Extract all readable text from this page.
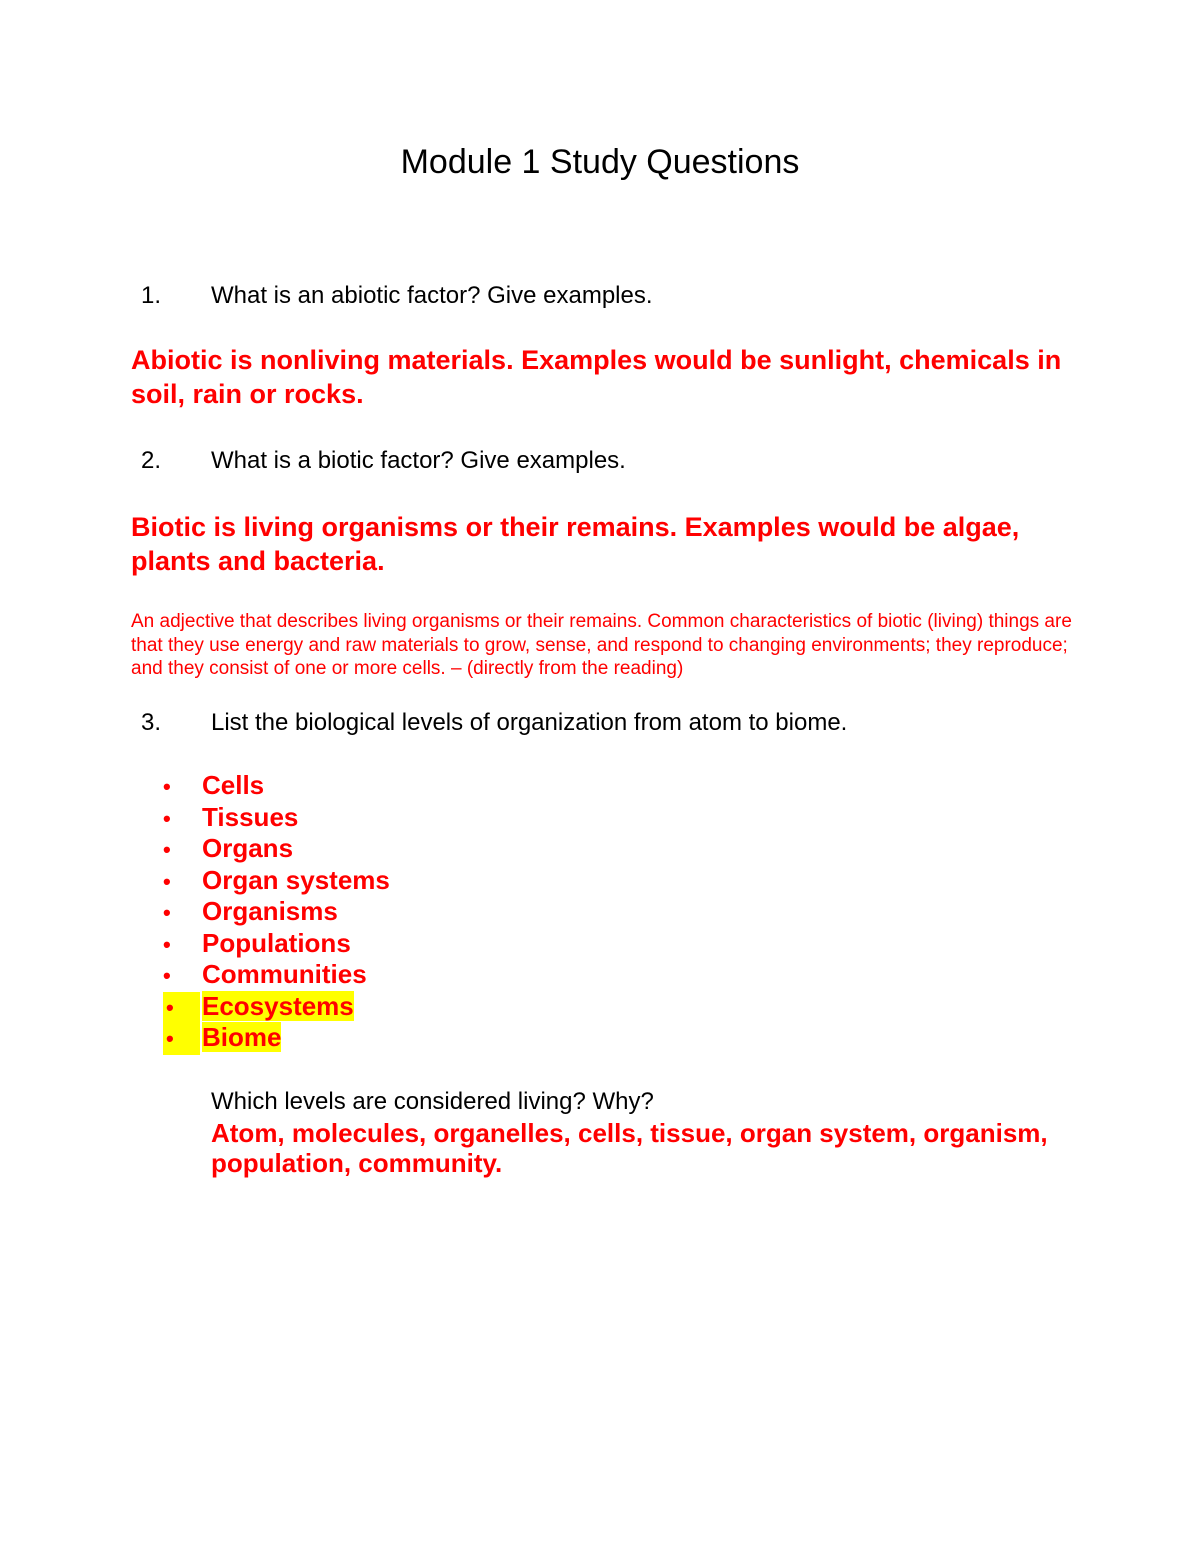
Module 1 Study Questions
1. What is an abiotic factor? Give examples.
Abiotic is nonliving materials. Examples would be sunlight, chemicals in soil, rain or rocks.
2. What is a biotic factor? Give examples.
Biotic is living organisms or their remains. Examples would be algae, plants and bacteria.
An adjective that describes living organisms or their remains. Common characteristics of biotic (living) things are that they use energy and raw materials to grow, sense, and respond to changing environments; they reproduce; and they consist of one or more cells. – (directly from the reading)
3. List the biological levels of organization from atom to biome.
• Cells
• Tissues
• Organs
• Organ systems
• Organisms
• Populations
• Communities
• Ecosystems
• Biome
Which levels are considered living? Why?
Atom, molecules, organelles, cells, tissue, organ system, organism, population, community.
